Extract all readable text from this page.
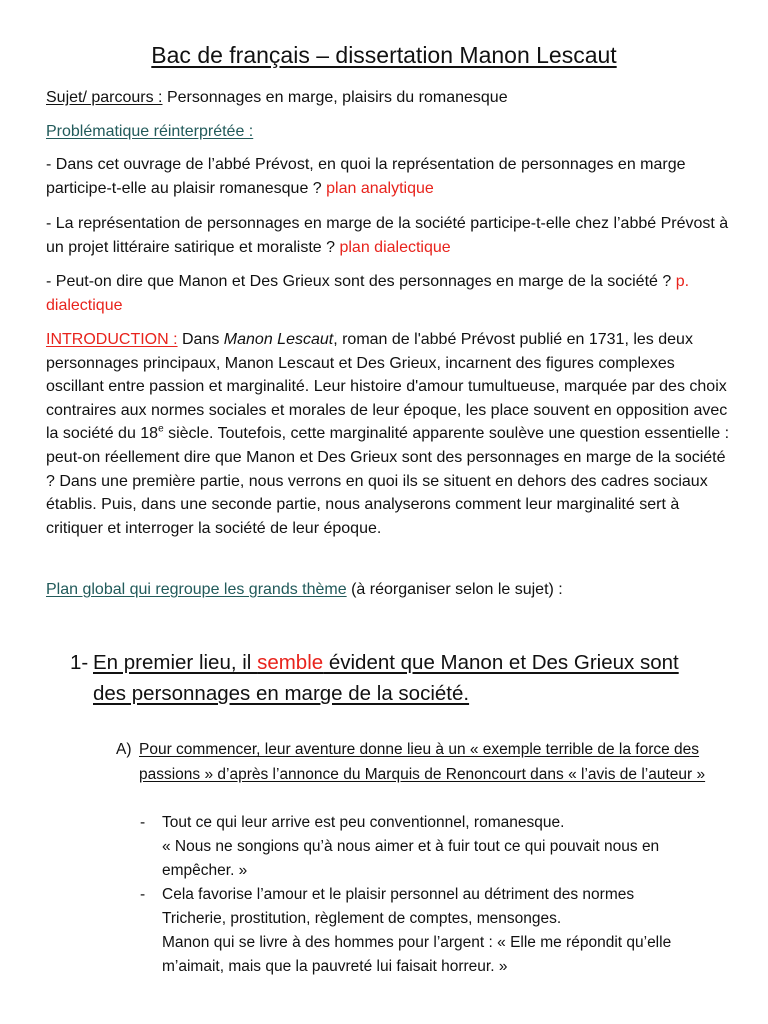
Bac de français – dissertation Manon Lescaut

Sujet/ parcours : Personnages en marge, plaisirs du romanesque

Problématique réinterprétée :

- Dans cet ouvrage de l’abbé Prévost, en quoi la représentation de personnages en marge participe-t-elle au plaisir romanesque ? plan analytique

- La représentation de personnages en marge de la société participe-t-elle chez l’abbé Prévost à un projet littéraire satirique et moraliste ? plan dialectique

- Peut-on dire que Manon et Des Grieux sont des personnages en marge de la société ? p. dialectique

INTRODUCTION : Dans Manon Lescaut, roman de l'abbé Prévost publié en 1731, les deux personnages principaux, Manon Lescaut et Des Grieux, incarnent des figures complexes oscillant entre passion et marginalité. Leur histoire d'amour tumultueuse, marquée par des choix contraires aux normes sociales et morales de leur époque, les place souvent en opposition avec la société du 18e siècle. Toutefois, cette marginalité apparente soulève une question essentielle : peut-on réellement dire que Manon et Des Grieux sont des personnages en marge de la société ? Dans une première partie, nous verrons en quoi ils se situent en dehors des cadres sociaux établis. Puis, dans une seconde partie, nous analyserons comment leur marginalité sert à critiquer et interroger la société de leur époque.

Plan global qui regroupe les grands thème (à réorganiser selon le sujet) :

1- En premier lieu, il semble évident que Manon et Des Grieux sont des personnages en marge de la société.
A) Pour commencer, leur aventure donne lieu à un « exemple terrible de la force des passions » d’après l’annonce du Marquis de Renoncourt dans « l’avis de l’auteur »
- Tout ce qui leur arrive est peu conventionnel, romanesque.
« Nous ne songions qu’à nous aimer et à fuir tout ce qui pouvait nous en empêcher. »
- Cela favorise l’amour et le plaisir personnel au détriment des normes
Tricherie, prostitution, règlement de comptes, mensonges.
Manon qui se livre à des hommes pour l’argent : « Elle me répondit qu’elle m’aimait, mais que la pauvreté lui faisait horreur. »
